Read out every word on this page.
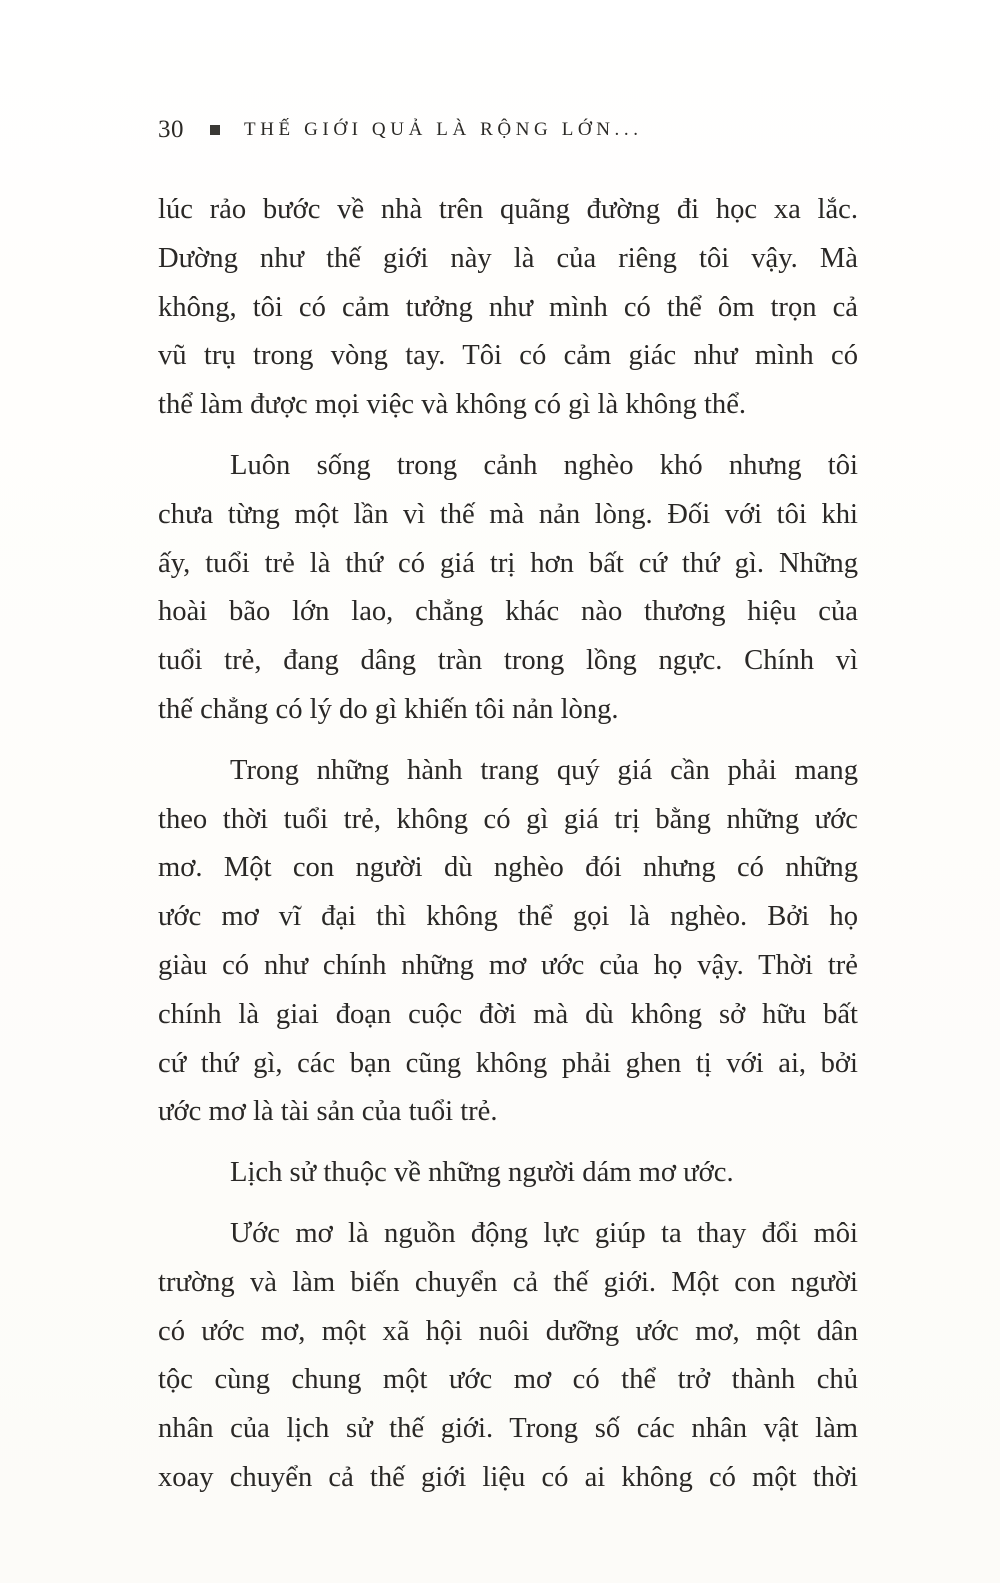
30	THẾ GIỚI QUẢ LÀ RỘNG LỚN...

lúc rảo bước về nhà trên quãng đường đi học xa lắc.
Dường như thế giới này là của riêng tôi vậy. Mà
không, tôi có cảm tưởng như mình có thể ôm trọn cả
vũ trụ trong vòng tay. Tôi có cảm giác như mình có
thể làm được mọi việc và không có gì là không thể.

Luôn sống trong cảnh nghèo khó nhưng tôi
chưa từng một lần vì thế mà nản lòng. Đối với tôi khi
ấy, tuổi trẻ là thứ có giá trị hơn bất cứ thứ gì. Những
hoài bão lớn lao, chẳng khác nào thương hiệu của
tuổi trẻ, đang dâng tràn trong lồng ngực. Chính vì
thế chẳng có lý do gì khiến tôi nản lòng.

Trong những hành trang quý giá cần phải mang
theo thời tuổi trẻ, không có gì giá trị bằng những ước
mơ. Một con người dù nghèo đói nhưng có những
ước mơ vĩ đại thì không thể gọi là nghèo. Bởi họ
giàu có như chính những mơ ước của họ vậy. Thời trẻ
chính là giai đoạn cuộc đời mà dù không sở hữu bất
cứ thứ gì, các bạn cũng không phải ghen tị với ai, bởi
ước mơ là tài sản của tuổi trẻ.

Lịch sử thuộc về những người dám mơ ước.

Ước mơ là nguồn động lực giúp ta thay đổi môi
trường và làm biến chuyển cả thế giới. Một con người
có ước mơ, một xã hội nuôi dưỡng ước mơ, một dân
tộc cùng chung một ước mơ có thể trở thành chủ
nhân của lịch sử thế giới. Trong số các nhân vật làm
xoay chuyển cả thế giới liệu có ai không có một thời
